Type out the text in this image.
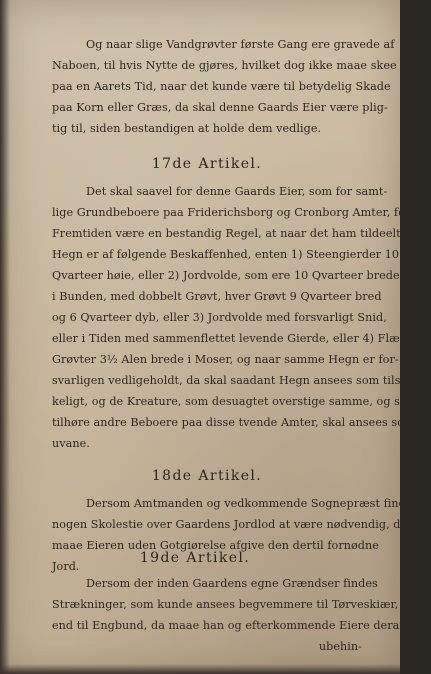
Og naar slige Vandgrøvter første Gang ere gravede af
Naboen, til hvis Nytte de gjøres, hvilket dog ikke maae skee
paa en Aarets Tid, naar det kunde være til betydelig Skade
paa Korn eller Græs, da skal denne Gaards Eier være plig-
tig til, siden bestandigen at holde dem vedlige.
17de Artikel.
Det skal saavel for denne Gaards Eier, som for samt-
lige Grundbeboere paa Friderichsborg og Cronborg Amter, for
Fremtiden være en bestandig Regel, at naar det ham tildeelte
Hegn er af følgende Beskaffenhed, enten 1) Steengierder 10
Qvarteer høie, eller 2) Jordvolde, som ere 10 Qvarteer brede
i Bunden, med dobbelt Grøvt, hver Grøvt 9 Qvarteer bred
og 6 Qvarteer dyb, eller 3) Jordvolde med forsvarligt Snid,
eller i Tiden med sammenflettet levende Gierde, eller 4) Flæk-
Grøvter 3½ Alen brede i Moser, og naar samme Hegn er for-
svarligen vedligeholdt, da skal saadant Hegn ansees som tilstræk-
keligt, og de Kreature, som desuagtet overstige samme, og som
tilhøre andre Beboere paa disse tvende Amter, skal ansees som
uvane.
18de Artikel.
Dersom Amtmanden og vedkommende Sognepræst finder
nogen Skolestie over Gaardens Jordlod at være nødvendig, da
maae Eieren uden Gotgiørelse afgive den dertil fornødne
Jord.
19de Artikel.
Dersom der inden Gaardens egne Grændser findes
Strækninger, som kunde ansees begvemmere til Tørveskiær,
end til Engbund, da maae han og efterkommende Eiere deraf
ubehin-
